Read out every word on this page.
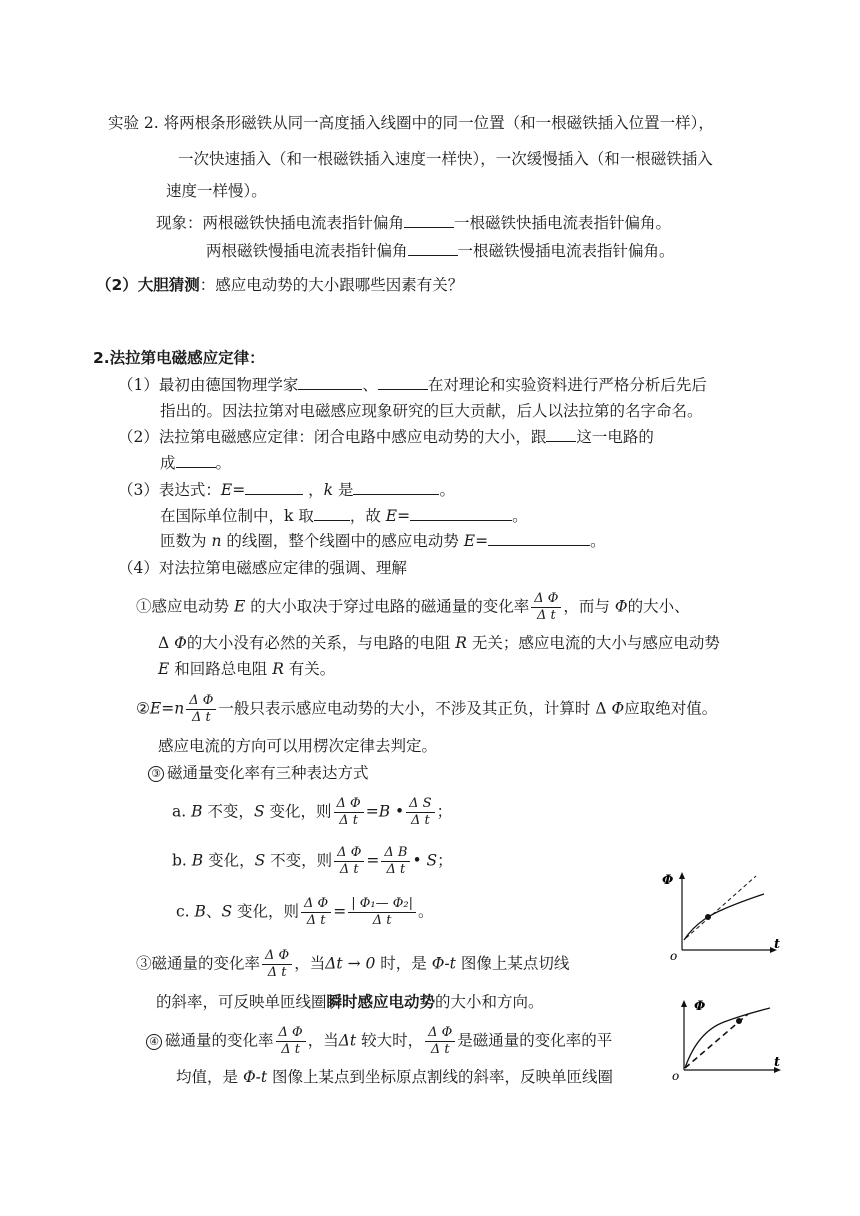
实验 2. 将两根条形磁铁从同一高度插入线圈中的同一位置（和一根磁铁插入位置一样），
一次快速插入（和一根磁铁插入速度一样快），一次缓慢插入（和一根磁铁插入
速度一样慢）。
现象：两根磁铁快插电流表指针偏角	一根磁铁快插电流表指针偏角。
两根磁铁慢插电流表指针偏角	一根磁铁慢插电流表指针偏角。
（2）大胆猜测：感应电动势的大小跟哪些因素有关？
2.法拉第电磁感应定律：
（1）最初由德国物理学家	、	在对理论和实验资料进行严格分析后先后
指出的。因法拉第对电磁感应现象研究的巨大贡献，后人以法拉第的名字命名。
（2）法拉第电磁感应定律：闭合电路中感应电动势的大小，跟 这一电路的
成	。
（3）表达式：E=	，k 是	。
在国际单位制中，k 取 ，故 E=	。
匝数为 n 的线圈，整个线圈中的感应电动势 E=	。
（4）对法拉第电磁感应定律的强调、理解
①感应电动势 E 的大小取决于穿过电路的磁通量的变化率 $\frac{\text{Δ Φ}}{\text{Δ t}}$ ，而与 Φ的大小、
Δ Φ的大小没有必然的关系，与电路的电阻 R 无关；感应电流的大小与感应电动势
E 和回路总电阻 R 有关。
②E=n $\frac{\text{Δ Φ}}{\text{Δ t}}$ 一般只表示感应电动势的大小，不涉及其正负，计算时 Δ Φ应取绝对值。
感应电流的方向可以用楞次定律去判定。
③ 磁通量变化率有三种表达方式
a. B 不变，S 变化，则 $\frac{\text{Δ Φ}}{\text{Δ t}} =B$ • $\frac{\text{Δ S}}{\text{Δ t}}$ ；
b. B 变化，S 不变，则 $\frac{\text{Δ Φ}}{\text{Δ t}} = \frac{\text{Δ B}}{\text{Δ t}}$ • S；
c. B、S 变化，则 $\frac{\text{Δ Φ}}{\text{Δ t}} = \frac{\text{| Φ₁— Φ₂|}}{\text{Δ t}}$ 。
③磁通量的变化率 $\frac{\text{Δ Φ}}{\text{Δ t}}$ ，当Δt → 0 时，是 Φ-t 图像上某点切线
的斜率，可反映单匝线圈瞬时感应电动势的大小和方向。
④ 磁通量的变化率 $\frac{\text{Δ Φ}}{\text{Δ t}}$ ，当Δt 较大时， $\frac{\text{Δ Φ}}{\text{Δ t}}$ 是磁通量的变化率的平
均值，是 Φ-t 图像上某点到坐标原点割线的斜率，反映单匝线圈
Φ
t
o
Φ
t
o
